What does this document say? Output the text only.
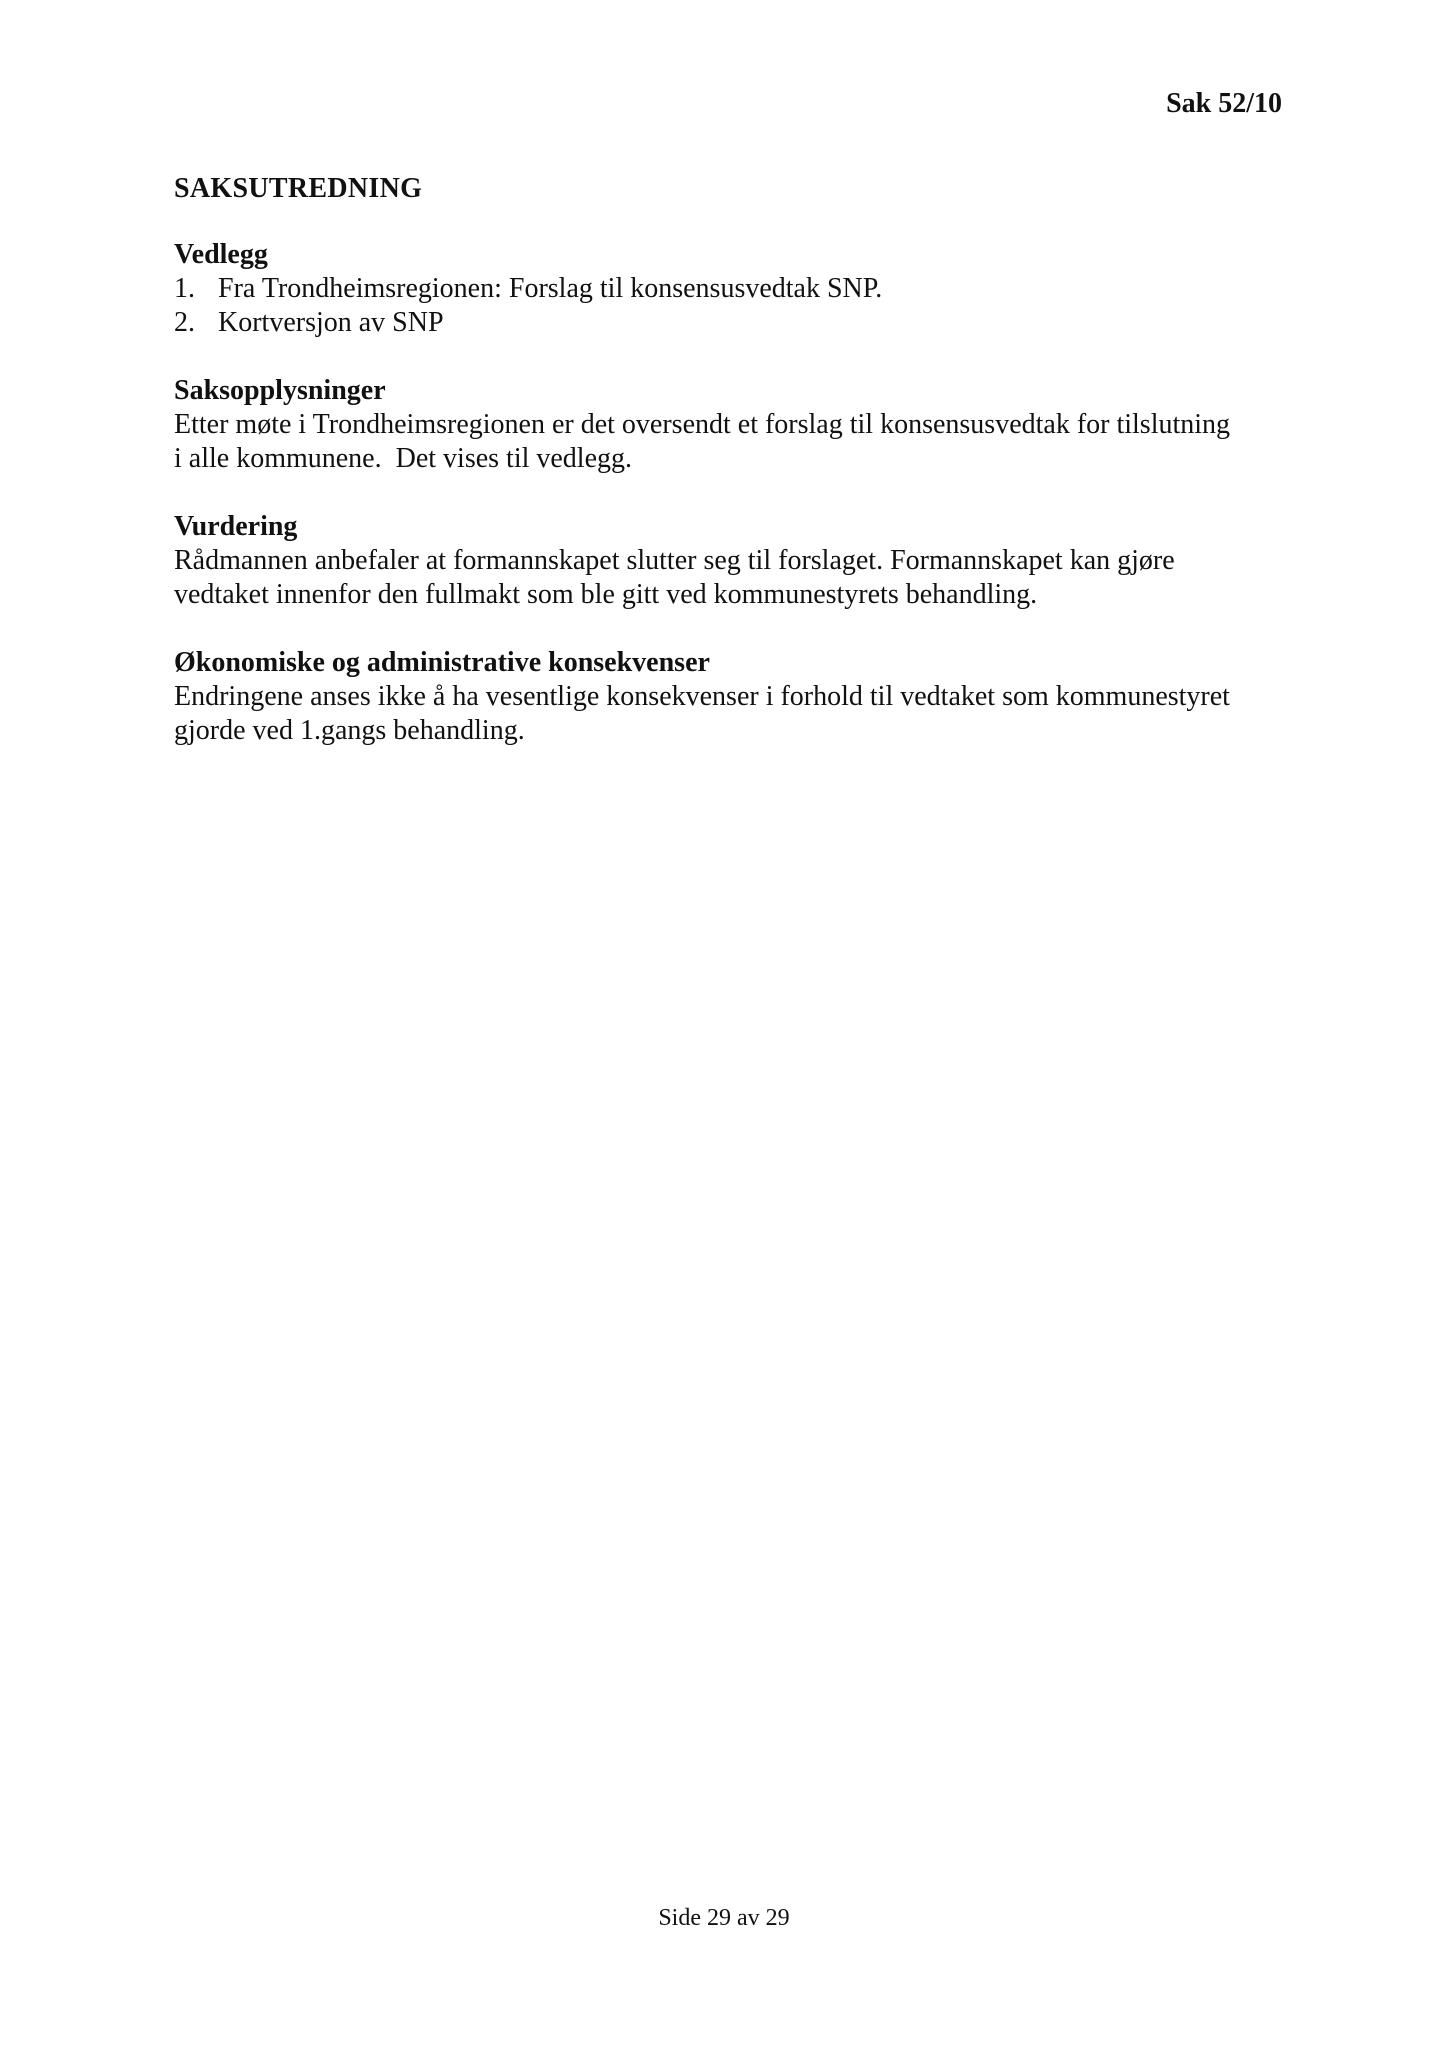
Sak 52/10
SAKSUTREDNING
Vedlegg
1. Fra Trondheimsregionen: Forslag til konsensusvedtak SNP.
2. Kortversjon av SNP
Saksopplysninger
Etter møte i Trondheimsregionen er det oversendt et forslag til konsensusvedtak for tilslutning
i alle kommunene.  Det vises til vedlegg.
Vurdering
Rådmannen anbefaler at formannskapet slutter seg til forslaget. Formannskapet kan gjøre
vedtaket innenfor den fullmakt som ble gitt ved kommunestyrets behandling.
Økonomiske og administrative konsekvenser
Endringene anses ikke å ha vesentlige konsekvenser i forhold til vedtaket som kommunestyret
gjorde ved 1.gangs behandling.
Side 29 av 29
